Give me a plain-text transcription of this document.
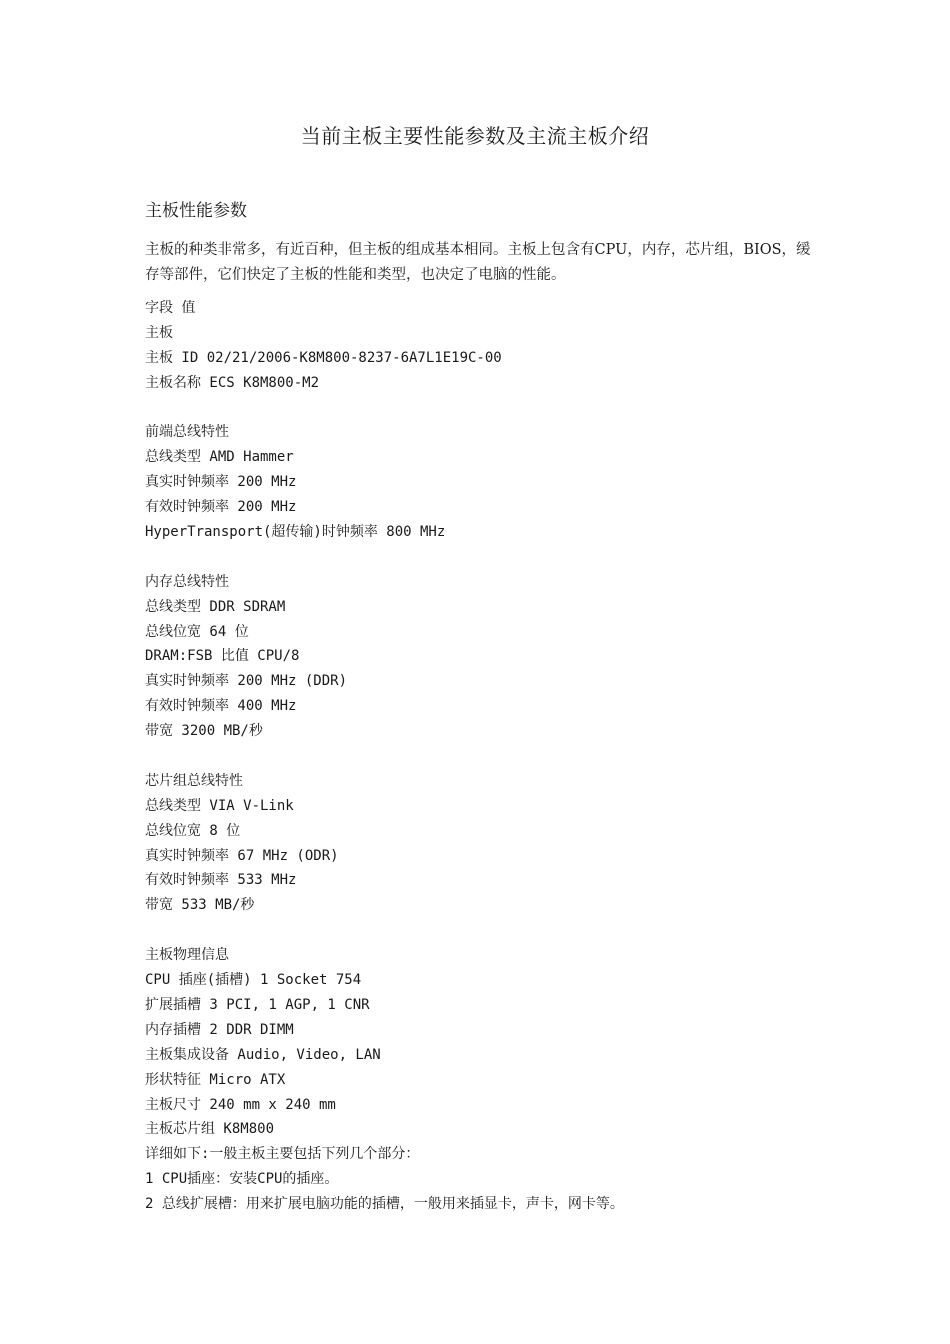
当前主板主要性能参数及主流主板介绍
主板性能参数
主板的种类非常多，有近百种，但主板的组成基本相同。主板上包含有CPU，内存，芯片组，BIOS，缓存等部件，它们快定了主板的性能和类型，也决定了电脑的性能。
字段 值
主板
主板 ID 02/21/2006-K8M800-8237-6A7L1E19C-00
主板名称 ECS K8M800-M2
前端总线特性
总线类型 AMD Hammer
真实时钟频率 200 MHz
有效时钟频率 200 MHz
HyperTransport(超传输)时钟频率 800 MHz
内存总线特性
总线类型 DDR SDRAM
总线位宽 64 位
DRAM:FSB 比值 CPU/8
真实时钟频率 200 MHz (DDR)
有效时钟频率 400 MHz
带宽 3200 MB/秒
芯片组总线特性
总线类型 VIA V-Link
总线位宽 8 位
真实时钟频率 67 MHz (ODR)
有效时钟频率 533 MHz
带宽 533 MB/秒
主板物理信息
CPU 插座(插槽) 1 Socket 754
扩展插槽 3 PCI, 1 AGP, 1 CNR
内存插槽 2 DDR DIMM
主板集成设备 Audio, Video, LAN
形状特征 Micro ATX
主板尺寸 240 mm x 240 mm
主板芯片组 K8M800
详细如下:一般主板主要包括下列几个部分：
1 CPU插座：安装CPU的插座。
2 总线扩展槽：用来扩展电脑功能的插槽，一般用来插显卡，声卡，网卡等。
